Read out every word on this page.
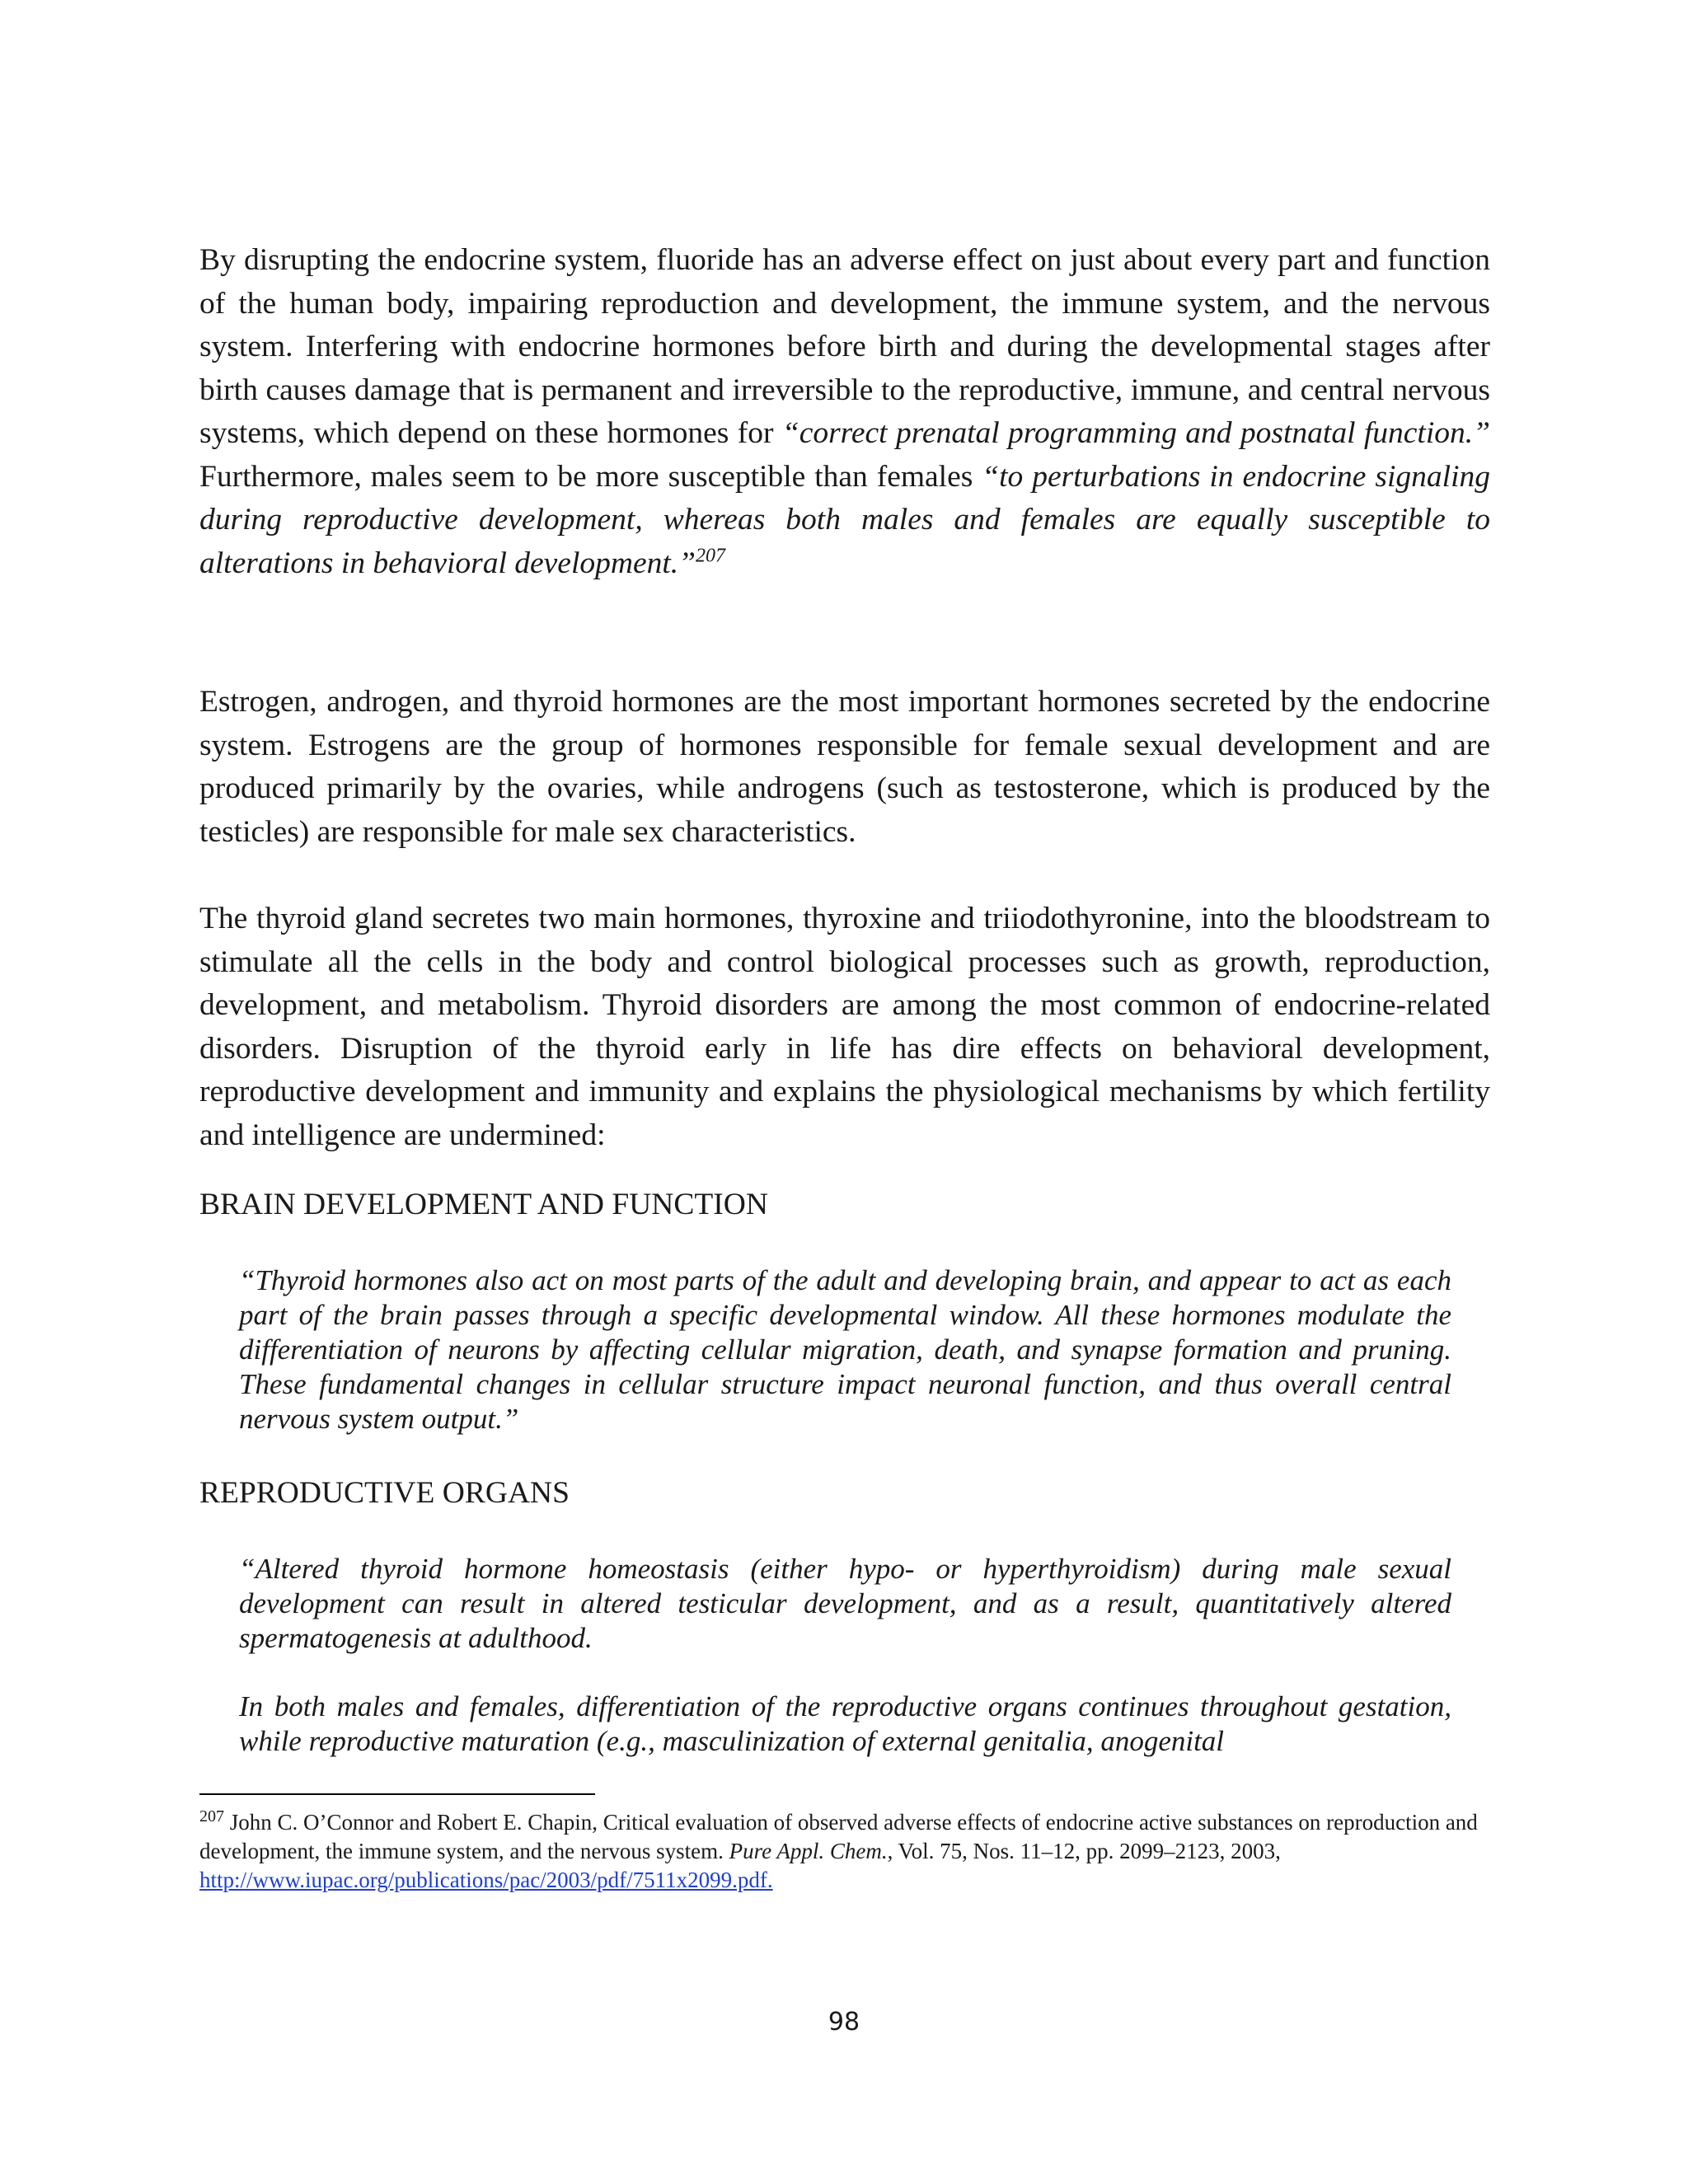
By disrupting the endocrine system, fluoride has an adverse effect on just about every part and function of the human body, impairing reproduction and development, the immune system, and the nervous system. Interfering with endocrine hormones before birth and during the developmental stages after birth causes damage that is permanent and irreversible to the reproductive, immune, and central nervous systems, which depend on these hormones for “correct prenatal programming and postnatal function.” Furthermore, males seem to be more susceptible than females “to perturbations in endocrine signaling during reproductive development, whereas both males and females are equally susceptible to alterations in behavioral development.”$^{207}$

Estrogen, androgen, and thyroid hormones are the most important hormones secreted by the endocrine system. Estrogens are the group of hormones responsible for female sexual development and are produced primarily by the ovaries, while androgens (such as testosterone, which is produced by the testicles) are responsible for male sex characteristics.

The thyroid gland secretes two main hormones, thyroxine and triiodothyronine, into the bloodstream to stimulate all the cells in the body and control biological processes such as growth, reproduction, development, and metabolism. Thyroid disorders are among the most common of endocrine-related disorders. Disruption of the thyroid early in life has dire effects on behavioral development, reproductive development and immunity and explains the physiological mechanisms by which fertility and intelligence are undermined:

BRAIN DEVELOPMENT AND FUNCTION

“Thyroid hormones also act on most parts of the adult and developing brain, and appear to act as each part of the brain passes through a specific developmental window. All these hormones modulate the differentiation of neurons by affecting cellular migration, death, and synapse formation and pruning. These fundamental changes in cellular structure impact neuronal function, and thus overall central nervous system output.”

REPRODUCTIVE ORGANS

“Altered thyroid hormone homeostasis (either hypo- or hyperthyroidism) during male sexual development can result in altered testicular development, and as a result, quantitatively altered spermatogenesis at adulthood.

In both males and females, differentiation of the reproductive organs continues throughout gestation, while reproductive maturation (e.g., masculinization of external genitalia, anogenital

$^{207}$ John C. O’Connor and Robert E. Chapin, Critical evaluation of observed adverse effects of endocrine active substances on reproduction and development, the immune system, and the nervous system. Pure Appl. Chem., Vol. 75, Nos. 11–12, pp. 2099–2123, 2003, http://www.iupac.org/publications/pac/2003/pdf/7511x2099.pdf.

98
